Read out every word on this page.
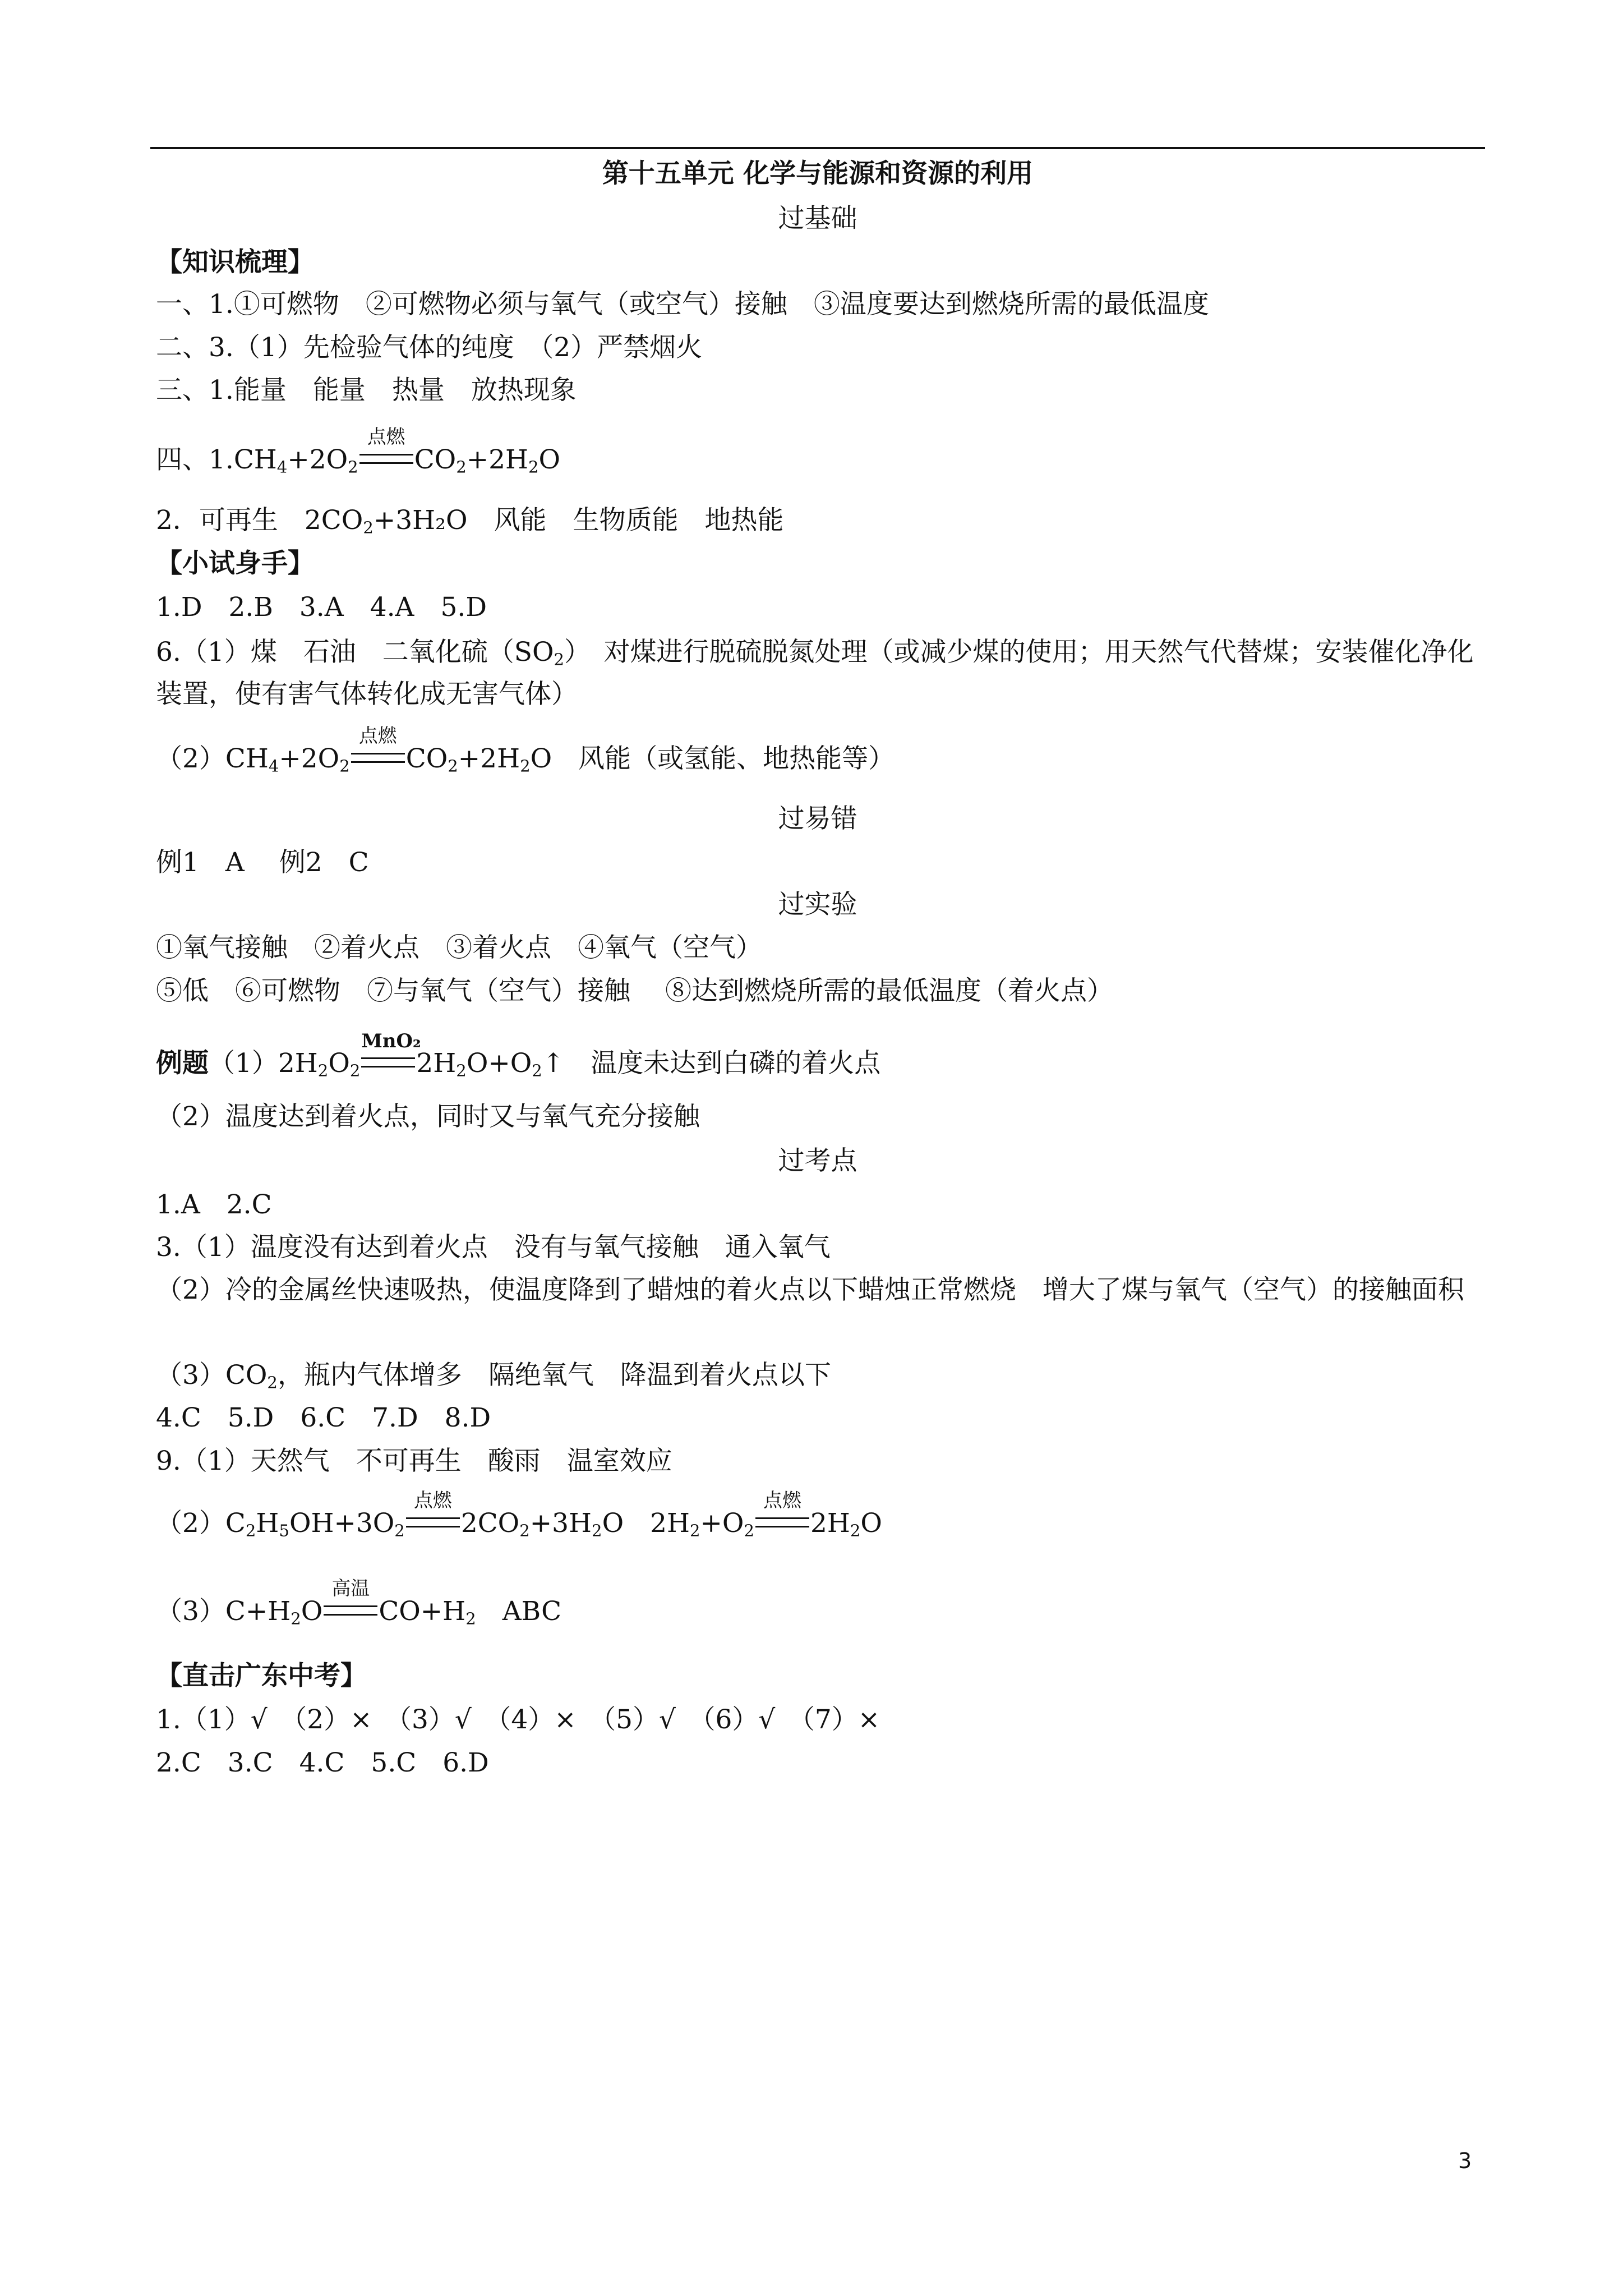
第十五单元 化学与能源和资源的利用
过基础
【知识梳理】
一、1.①可燃物　②可燃物必须与氧气（或空气）接触　③温度要达到燃烧所需的最低温度
二、3.（1）先检验气体的纯度　（2）严禁烟火
三、1.能量　能量　热量　放热现象
四、$1.CH_4+2O_2$
点燃
$CO_2+2H_2O$
2．可再生　$2CO_2+3H_2O$　风能　生物质能　地热能
【小试身手】
1.D　2.B　3.A　4.A　5.D
6.（1）煤　石油　二氧化硫$(SO_2)$　对煤进行脱硫脱氮处理（或减少煤的使用；用天然气代替煤；安装催化净化装置，使有害气体转化成无害气体）
$(2)CH_4+2O_2$
点燃
$CO_2+2H_2O$　风能（或氢能、地热能等）
过易错
例1　A　 例2　C
过实验
①氧气接触　②着火点　③着火点　④氧气（空气）
⑤低　⑥可燃物　⑦与氧气（空气）接触　 ⑧达到燃烧所需的最低温度（着火点）
例题$(1)2H_2O_2$
MnO₂
$2H_2O+O_2↑$　温度未达到白磷的着火点
（2）温度达到着火点，同时又与氧气充分接触
过考点
1.A　2.C
3.（1）温度没有达到着火点　没有与氧气接触　通入氧气
（2）冷的金属丝快速吸热，使温度降到了蜡烛的着火点以下蜡烛正常燃烧　增大了煤与氧气（空气）的接触面积
$(3)CO_2$，瓶内气体增多　隔绝氧气　降温到着火点以下
4.C　5.D　6.C　7.D　8.D
9.（1）天然气　不可再生　酸雨　温室效应
$(2)C_2H_5OH+3O_2$
点燃
$2CO_2+3H_2O$　$2H_2+O_2$
点燃
$2H_2O$
$(3)C+H_2O$
高温
$CO+H_2$　ABC
【直击广东中考】
1.（1）√　（2）×　（3）√　（4）×　（5）√　（6）√　（7）×
2.C　3.C　4.C　5.C　6.D
3
